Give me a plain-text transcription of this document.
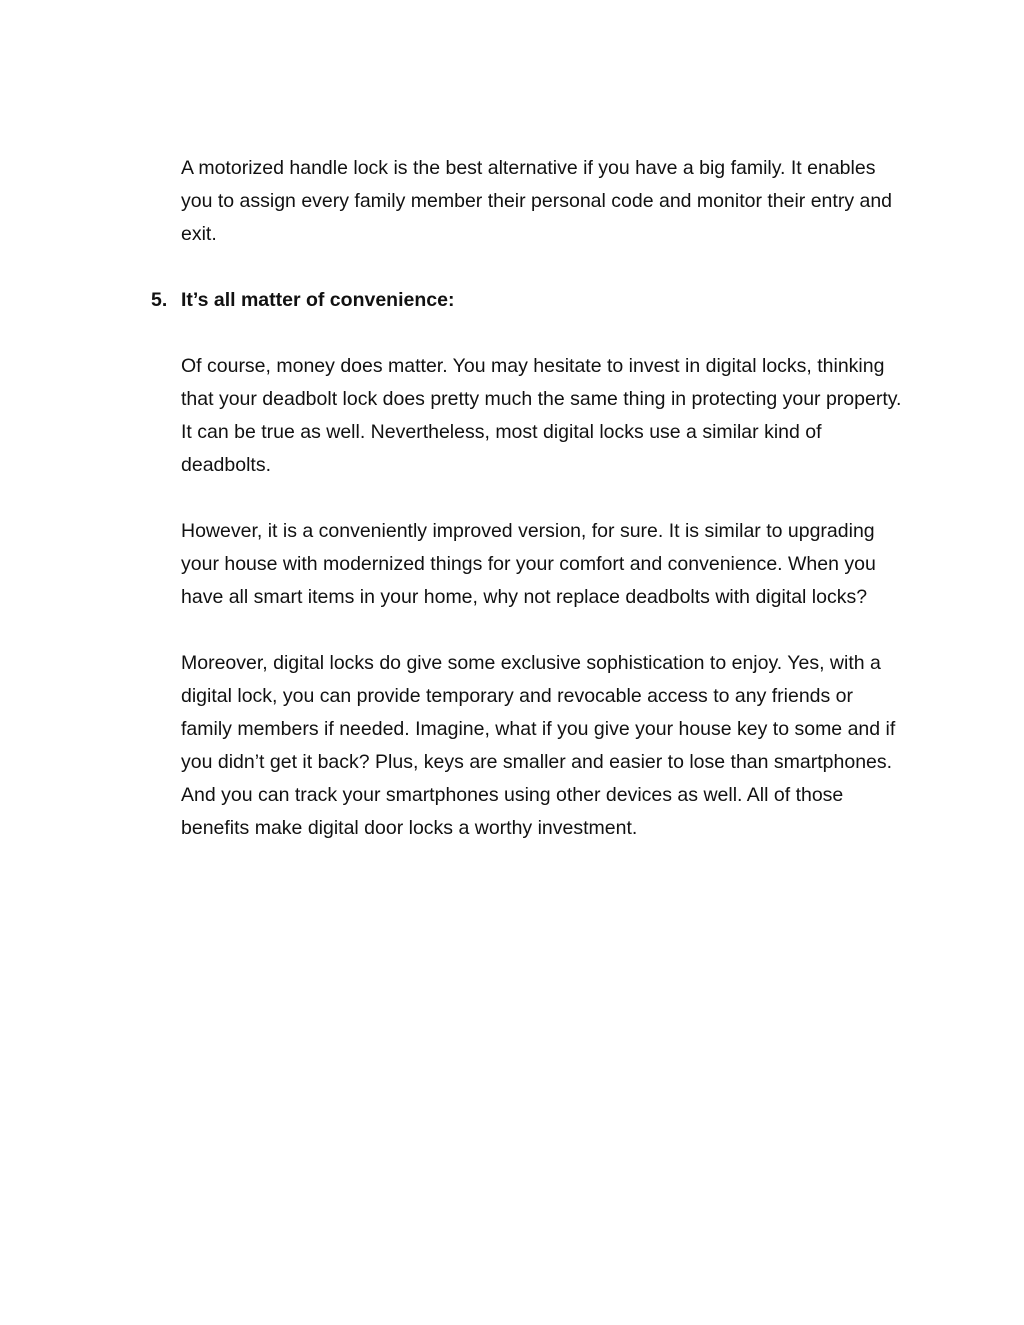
A motorized handle lock is the best alternative if you have a big family. It enables you to assign every family member their personal code and monitor their entry and exit.

5. It’s all matter of convenience:

Of course, money does matter. You may hesitate to invest in digital locks, thinking that your deadbolt lock does pretty much the same thing in protecting your property. It can be true as well. Nevertheless, most digital locks use a similar kind of deadbolts.

However, it is a conveniently improved version, for sure. It is similar to upgrading your house with modernized things for your comfort and convenience. When you have all smart items in your home, why not replace deadbolts with digital locks?

Moreover, digital locks do give some exclusive sophistication to enjoy. Yes, with a digital lock, you can provide temporary and revocable access to any friends or family members if needed. Imagine, what if you give your house key to some and if you didn’t get it back? Plus, keys are smaller and easier to lose than smartphones. And you can track your smartphones using other devices as well. All of those benefits make digital door locks a worthy investment.
